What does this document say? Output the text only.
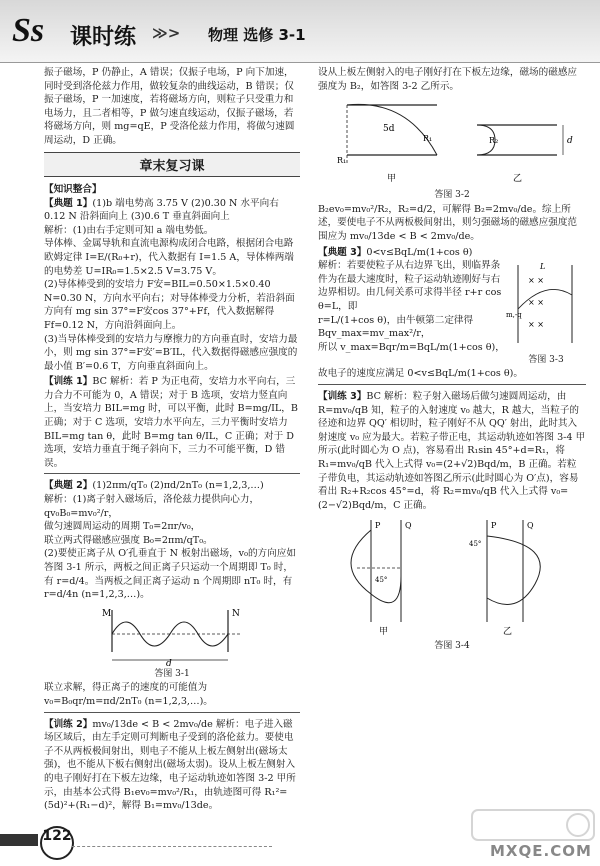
Ss 课时练 ≫> 物理 选修 3-1

振子磁场，P 仍静止，A 错误；仅振子电场，P 向下加速，同时受到洛伦兹力作用，做较复杂的曲线运动，B 错误；仅振子磁场，P 一加速度，若将磁场方向，则粒子只受重力和电场力，且二者相等，P 做匀速直线运动，仅振子磁场，若将磁场方向，则 mg=qE，P 受洛伦兹力作用，将做匀速圆周运动，D 正确。

章末复习课

【知识整合】

【典题 1】(1)b 端电势高 3.75 V (2)0.30 N 水平向右

0.12 N 沿斜面向上 (3)0.6 T 垂直斜面向上

解析：(1)由右手定则可知 a 端电势低。

导体棒、金属导轨和直流电源构成闭合电路，根据闭合电路欧姆定律 I=E/(R₀+r)，代入数据有 I=1.5 A，导体棒两端的电势差 U=IR₀=1.5×2.5 V=3.75 V。

(2)导体棒受到的安培力 F安=BIL=0.50×1.5×0.40 N=0.30 N，方向水平向右；对导体棒受力分析，若沿斜面方向有 mg sin 37°=F安cos 37°+Ff，代入数据解得 Ff=0.12 N，方向沿斜面向上。

(3)当导体棒受到的安培力与摩擦力的方向垂直时，安培力最小，则 mg sin 37°=F安′=B′IL，代入数据得磁感应强度的最小值 B′=0.6 T，方向垂直斜面向上。

【训练 1】BC 解析：若 P 为正电荷，安培力水平向右，三力合力不可能为 0，A 错误；对于 B 选项，安培力竖直向上，当安培力 BIL=mg 时，可以平衡，此时 B=mg/IL，B 正确；对于 C 选项，安培力水平向左，三力平衡时安培力 BIL=mg tan θ，此时 B=mg tan θ/IL，C 正确；对于 D 选项，安培力垂直于绳子斜向下，三力不可能平衡，D 错误。

【典题 2】(1)2πm/qT₀ (2)πd/2nT₀ (n=1,2,3,…)

解析：(1)离子射入磁场后，洛伦兹力提供向心力，

qv₀B₀=mv₀²/r，

做匀速圆周运动的周期 T₀=2πr/v₀，

联立两式得磁感应强度 B₀=2πm/qT₀。

(2)要使正离子从 O′孔垂直于 N 板射出磁场，v₀的方向应如答图 3-1 所示，两板之间正离子只运动一个周期即 T₀ 时，有 r=d/4。当两板之间正离子运动 n 个周期即 nT₀ 时，有 r=d/4n (n=1,2,3,…)。

M	N
d

答图 3-1

联立求解，得正离子的速度的可能值为 v₀=B₀qr/m=πd/2nT₀ (n=1,2,3,…)。

【训练 2】mv₀/13de < B < 2mv₀/de 解析：电子进入磁场区域后，由左手定则可判断电子受到的洛伦兹力。要使电子不从两板极间射出，则电子不能从上板左侧射出(磁场太强)，也不能从下板右侧射出(磁场太弱)。设从上板左侧射入的电子刚好打在下板左边缘，电子运动轨迹如答图 3-2 甲所示，由基本公式得 B₁ev₀=mv₀²/R₁，由轨迹图可得 R₁²=(5d)²+(R₁−d)²，解得 B₁=mv₀/13de。

设从上板左侧射入的电子刚好打在下板左边缘，磁场的磁感应强度为 B₂，如答图 3-2 乙所示。

5d
R₁
R₁	R₂	d
甲	乙

答图 3-2

B₂ev₀=mv₀²/R₂，R₂=d/2，可解得 B₂=2mv₀/de。综上所述，要使电子不从两板极间射出，则匀强磁场的磁感应强度范围应为 mv₀/13de < B < 2mv₀/de。

【典题 3】0<v≤BqL/m(1+cos θ)

解析：若要使粒子从右边界飞出，则临界条件为在最大速度时，粒子运动轨迹刚好与右边界相切。由几何关系可求得半径 r+r cos θ=L，即

r=L/(1+cos θ)，由牛顿第二定律得

Bqv_max=mv_max²/r，

所以 v_max=Bqr/m=BqL/m(1+cos θ)，

× ×
× ×
× ×
L
m,-q

答图 3-3

故电子的速度应满足 0<v≤BqL/m(1+cos θ)。

【训练 3】BC 解析：粒子射入磁场后做匀速圆周运动，由 R=mv₀/qB 知，粒子的入射速度 v₀ 越大，R 越大，当粒子的径迹和边界 QQ′ 相切时，粒子刚好不从 QQ′ 射出，此时其入射速度 v₀ 应为最大。若粒子带正电，其运动轨迹如答图 3-4 甲所示(此时圆心为 O 点)，容易看出 R₁sin 45°+d=R₁，将 R₁=mv₀/qB 代入上式得 v₀=(2+√2)Bqd/m，B 正确。若粒子带负电，其运动轨迹如答图乙所示(此时圆心为 O′点)，容易看出 R₂+R₂cos 45°=d，将 R₂=mv₀/qB 代入上式得 v₀=(2−√2)Bqd/m，C 正确。

P	Q
45°
45°
P	Q
甲	乙

答图 3-4

122
MXQE.COM
